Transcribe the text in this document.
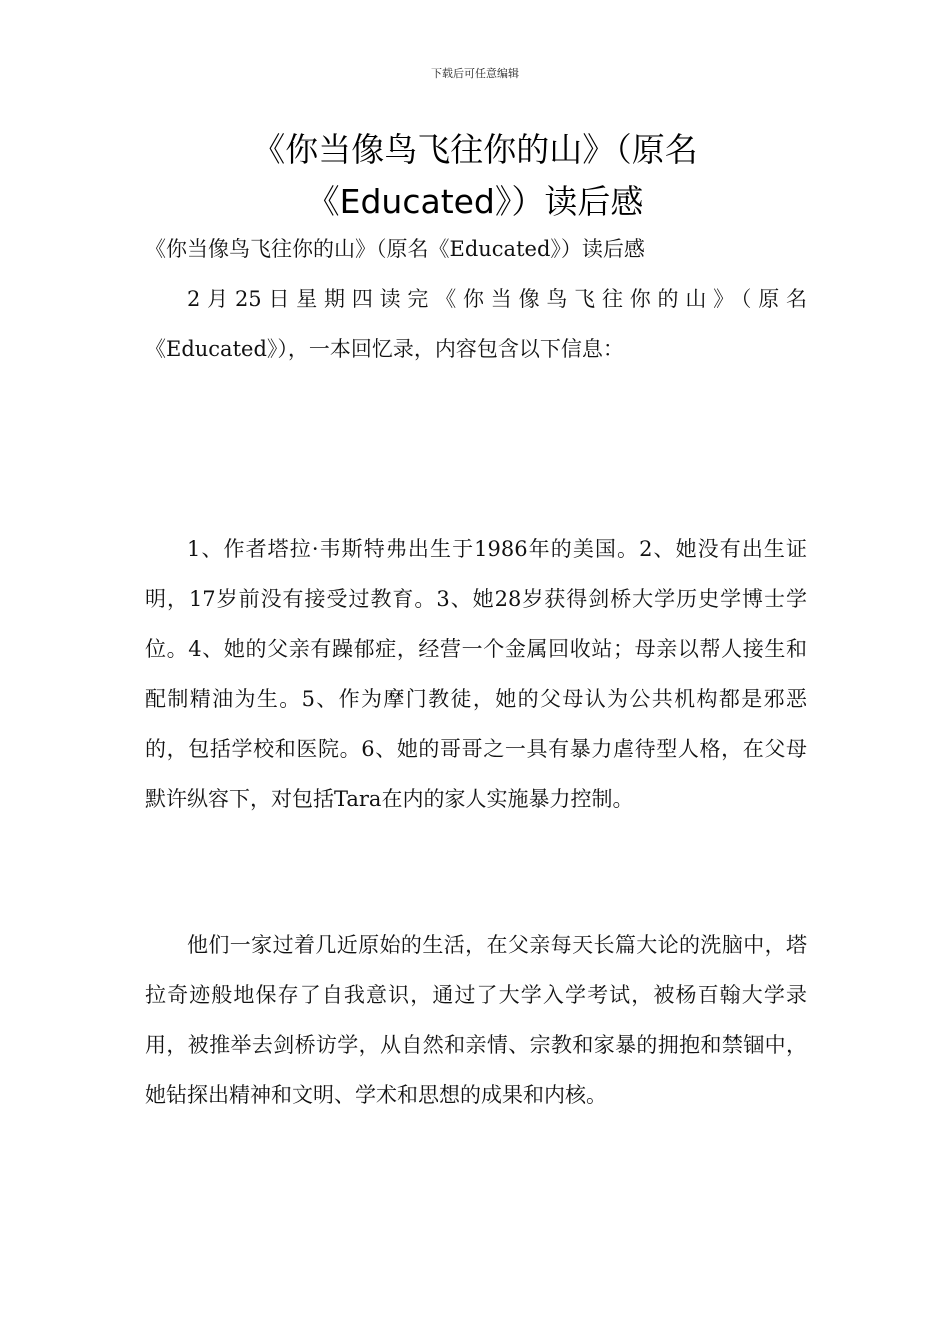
下载后可任意编辑
《你当像鸟飞往你的山》（原名
《Educated》）读后感

《你当像鸟飞往你的山》（原名《Educated》）读后感

2月25日星期四读完《你当像鸟飞往你的山》（原名《Educated》），一本回忆录，内容包含以下信息：

1、作者塔拉·韦斯特弗出生于1986年的美国。2、她没有出生证明，17岁前没有接受过教育。3、她28岁获得剑桥大学历史学博士学位。4、她的父亲有躁郁症，经营一个金属回收站；母亲以帮人接生和配制精油为生。5、作为摩门教徒，她的父母认为公共机构都是邪恶的，包括学校和医院。6、她的哥哥之一具有暴力虐待型人格，在父母默许纵容下，对包括Tara在内的家人实施暴力控制。

他们一家过着几近原始的生活，在父亲每天长篇大论的洗脑中，塔拉奇迹般地保存了自我意识，通过了大学入学考试，被杨百翰大学录用，被推举去剑桥访学，从自然和亲情、宗教和家暴的拥抱和禁锢中，她钻探出精神和文明、学术和思想的成果和内核。
